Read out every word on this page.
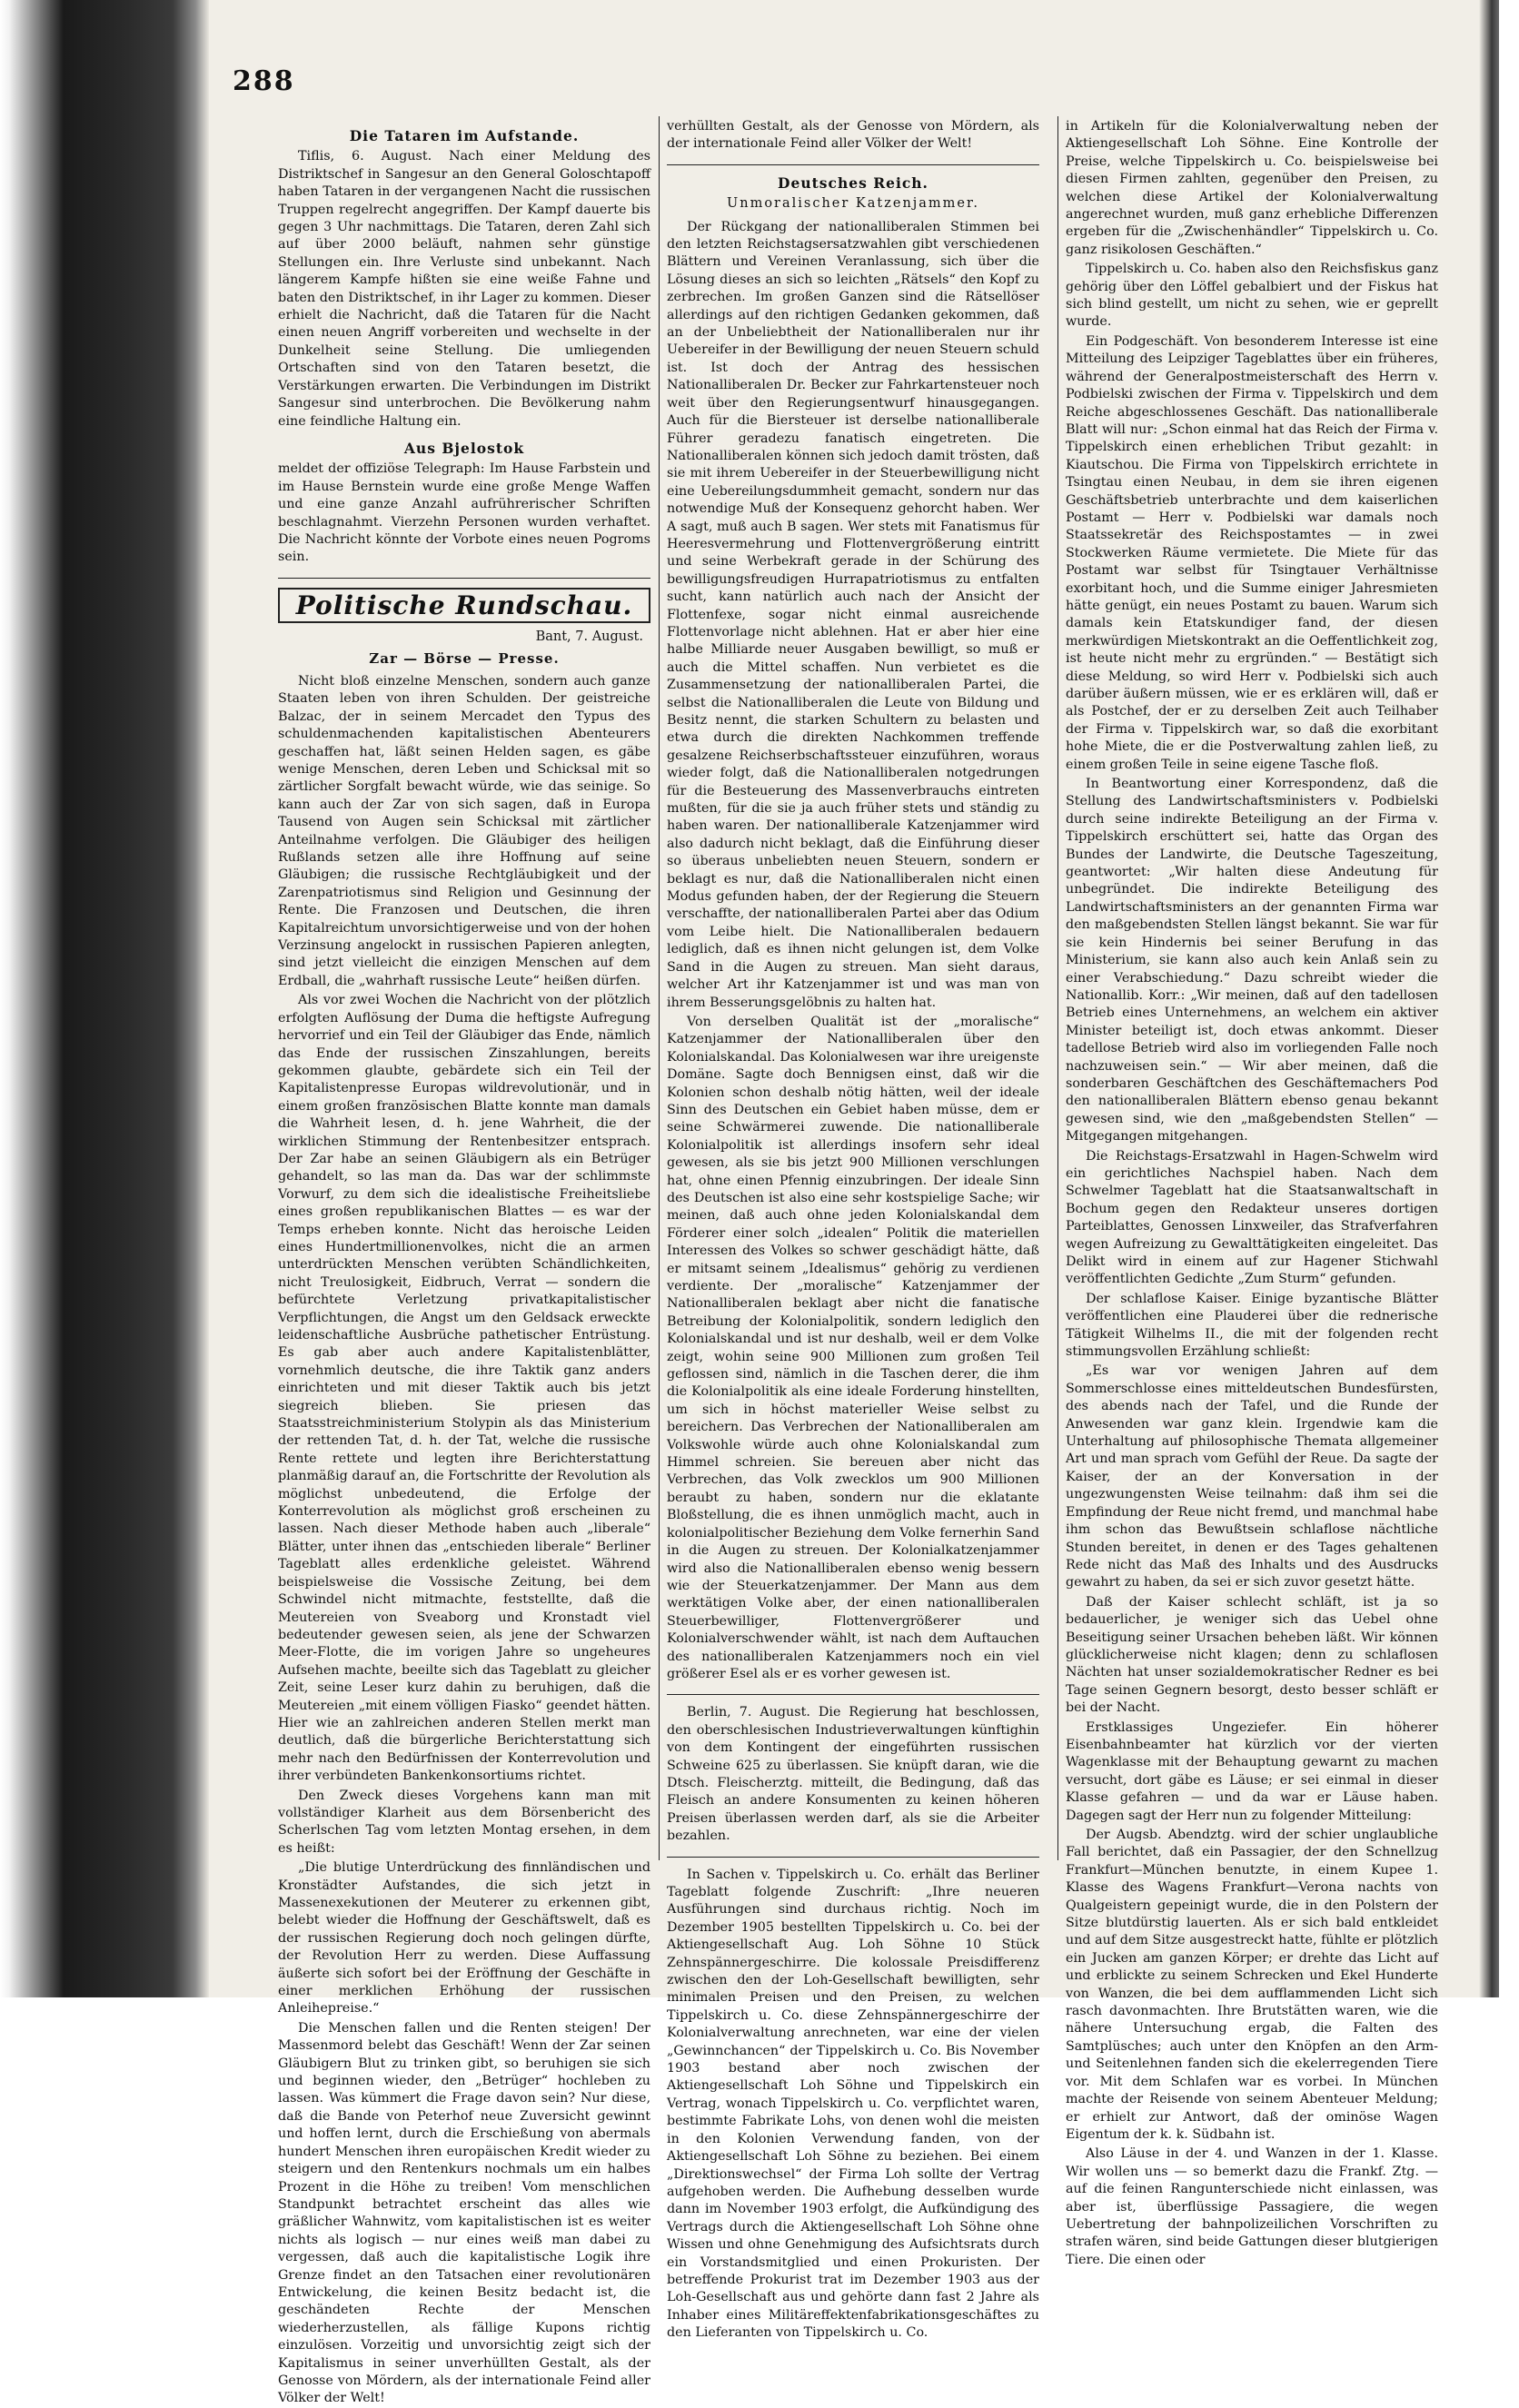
288
Die Tataren im Aufstande.

Tiflis, 6. August. Nach einer Meldung des Distriktschef in Sangesur an den General Goloschtapoff haben Tataren in der vergangenen Nacht die russischen Truppen regelrecht angegriffen. Der Kampf dauerte bis gegen 3 Uhr nachmittags. Die Tataren, deren Zahl sich auf über 2000 beläuft, nahmen sehr günstige Stellungen ein. Ihre Verluste sind unbekannt. Nach längerem Kampfe hißten sie eine weiße Fahne und baten den Distriktschef, in ihr Lager zu kommen. Dieser erhielt die Nachricht, daß die Tataren für die Nacht einen neuen Angriff vorbereiten und wechselte in der Dunkelheit seine Stellung. Die umliegenden Ortschaften sind von den Tataren besetzt, die Verstärkungen erwarten. Die Verbindungen im Distrikt Sangesur sind unterbrochen. Die Bevölkerung nahm eine feindliche Haltung ein.

Aus Bjelostok

meldet der offiziöse Telegraph: Im Hause Farbstein und im Hause Bernstein wurde eine große Menge Waffen und eine ganze Anzahl aufrührerischer Schriften beschlagnahmt. Vierzehn Personen wurden verhaftet. Die Nachricht könnte der Vorbote eines neuen Pogroms sein.

Politische Rundschau.
Bant, 7. August.
Zar — Börse — Presse.

Nicht bloß einzelne Menschen, sondern auch ganze Staaten leben von ihren Schulden. Der geistreiche Balzac, der in seinem Mercadet den Typus des schuldenmachenden kapitalistischen Abenteurers geschaffen hat, läßt seinen Helden sagen, es gäbe wenige Menschen, deren Leben und Schicksal mit so zärtlicher Sorgfalt bewacht würde, wie das seinige. So kann auch der Zar von sich sagen, daß in Europa Tausend von Augen sein Schicksal mit zärtlicher Anteilnahme verfolgen. Die Gläubiger des heiligen Rußlands setzen alle ihre Hoffnung auf seine Gläubigen; die russische Rechtgläubigkeit und der Zarenpatriotismus sind Religion und Gesinnung der Rente. Die Franzosen und Deutschen, die ihren Kapitalreichtum unvorsichtigerweise und von der hohen Verzinsung angelockt in russischen Papieren anlegten, sind jetzt vielleicht die einzigen Menschen auf dem Erdball, die „wahrhaft russische Leute“ heißen dürfen.

Als vor zwei Wochen die Nachricht von der plötzlich erfolgten Auflösung der Duma die heftigste Aufregung hervorrief und ein Teil der Gläubiger das Ende, nämlich das Ende der russischen Zinszahlungen, bereits gekommen glaubte, gebärdete sich ein Teil der Kapitalistenpresse Europas wildrevolutionär, und in einem großen französischen Blatte konnte man damals die Wahrheit lesen, d. h. jene Wahrheit, die der wirklichen Stimmung der Rentenbesitzer entsprach. Der Zar habe an seinen Gläubigern als ein Betrüger gehandelt, so las man da. Das war der schlimmste Vorwurf, zu dem sich die idealistische Freiheitsliebe eines großen republikanischen Blattes — es war der Temps erheben konnte. Nicht das heroische Leiden eines Hundertmillionenvolkes, nicht die an armen unterdrückten Menschen verübten Schändlichkeiten, nicht Treulosigkeit, Eidbruch, Verrat — sondern die befürchtete Verletzung privatkapitalistischer Verpflichtungen, die Angst um den Geldsack erweckte leidenschaftliche Ausbrüche pathetischer Entrüstung. Es gab aber auch andere Kapitalistenblätter, vornehmlich deutsche, die ihre Taktik ganz anders einrichteten und mit dieser Taktik auch bis jetzt siegreich blieben. Sie priesen das Staatsstreichministerium Stolypin als das Ministerium der rettenden Tat, d. h. der Tat, welche die russische Rente rettete und legten ihre Berichterstattung planmäßig darauf an, die Fortschritte der Revolution als möglichst unbedeutend, die Erfolge der Konterrevolution als möglichst groß erscheinen zu lassen. Nach dieser Methode haben auch „liberale“ Blätter, unter ihnen das „entschieden liberale“ Berliner Tageblatt alles erdenkliche geleistet. Während beispielsweise die Vossische Zeitung, bei dem Schwindel nicht mitmachte, feststellte, daß die Meutereien von Sveaborg und Kronstadt viel bedeutender gewesen seien, als jene der Schwarzen Meer-Flotte, die im vorigen Jahre so ungeheures Aufsehen machte, beeilte sich das Tageblatt zu gleicher Zeit, seine Leser kurz dahin zu beruhigen, daß die Meutereien „mit einem völligen Fiasko“ geendet hätten. Hier wie an zahlreichen anderen Stellen merkt man deutlich, daß die bürgerliche Berichterstattung sich mehr nach den Bedürfnissen der Konterrevolution und ihrer verbündeten Bankenkonsortiums richtet.

Den Zweck dieses Vorgehens kann man mit vollständiger Klarheit aus dem Börsenbericht des Scherlschen Tag vom letzten Montag ersehen, in dem es heißt:

„Die blutige Unterdrückung des finnländischen und Kronstädter Aufstandes, die sich jetzt in Massenexekutionen der Meuterer zu erkennen gibt, belebt wieder die Hoffnung der Geschäftswelt, daß es der russischen Regierung doch noch gelingen dürfte, der Revolution Herr zu werden. Diese Auffassung äußerte sich sofort bei der Eröffnung der Geschäfte in einer merklichen Erhöhung der russischen Anleihepreise.“

Die Menschen fallen und die Renten steigen! Der Massenmord belebt das Geschäft! Wenn der Zar seinen Gläubigern Blut zu trinken gibt, so beruhigen sie sich und beginnen wieder, den „Betrüger“ hochleben zu lassen. Was kümmert die Frage davon sein? Nur diese, daß die Bande von Peterhof neue Zuversicht gewinnt und hoffen lernt, durch die Erschießung von abermals hundert Menschen ihren europäischen Kredit wieder zu steigern und den Rentenkurs nochmals um ein halbes Prozent in die Höhe zu treiben! Vom menschlichen Standpunkt betrachtet erscheint das alles wie gräßlicher Wahnwitz, vom kapitalistischen ist es weiter nichts als logisch — nur eines weiß man dabei zu vergessen, daß auch die kapitalistische Logik ihre Grenze findet an den Tatsachen einer revolutionären Entwickelung, die keinen Besitz bedacht ist, die geschändeten Rechte der Menschen wiederherzustellen, als fällige Kupons richtig einzulösen. Vorzeitig und unvorsichtig zeigt sich der Kapitalismus in seiner unverhüllten Gestalt, als der Genosse von Mördern, als der internationale Feind aller Völker der Welt!

verhüllten Gestalt, als der Genosse von Mördern, als der internationale Feind aller Völker der Welt!

Deutsches Reich.
Unmoralischer Katzenjammer.

Der Rückgang der nationalliberalen Stimmen bei den letzten Reichstagsersatzwahlen gibt verschiedenen Blättern und Vereinen Veranlassung, sich über die Lösung dieses an sich so leichten „Rätsels“ den Kopf zu zerbrechen. Im großen Ganzen sind die Rätsellöser allerdings auf den richtigen Gedanken gekommen, daß an der Unbeliebtheit der Nationalliberalen nur ihr Uebereifer in der Bewilligung der neuen Steuern schuld ist. Ist doch der Antrag des hessischen Nationalliberalen Dr. Becker zur Fahrkartensteuer noch weit über den Regierungsentwurf hinausgegangen. Auch für die Biersteuer ist derselbe nationalliberale Führer geradezu fanatisch eingetreten. Die Nationalliberalen können sich jedoch damit trösten, daß sie mit ihrem Uebereifer in der Steuerbewilligung nicht eine Uebereilungsdummheit gemacht, sondern nur das notwendige Muß der Konsequenz gehorcht haben. Wer A sagt, muß auch B sagen. Wer stets mit Fanatismus für Heeresvermehrung und Flottenvergrößerung eintritt und seine Werbekraft gerade in der Schürung des bewilligungsfreudigen Hurrapatriotismus zu entfalten sucht, kann natürlich auch nach der Ansicht der Flottenfexe, sogar nicht einmal ausreichende Flottenvorlage nicht ablehnen. Hat er aber hier eine halbe Milliarde neuer Ausgaben bewilligt, so muß er auch die Mittel schaffen. Nun verbietet es die Zusammensetzung der nationalliberalen Partei, die selbst die Nationalliberalen die Leute von Bildung und Besitz nennt, die starken Schultern zu belasten und etwa durch die direkten Nachkommen treffende gesalzene Reichserbschaftssteuer einzuführen, woraus wieder folgt, daß die Nationalliberalen notgedrungen für die Besteuerung des Massenverbrauchs eintreten mußten, für die sie ja auch früher stets und ständig zu haben waren. Der nationalliberale Katzenjammer wird also dadurch nicht beklagt, daß die Einführung dieser so überaus unbeliebten neuen Steuern, sondern er beklagt es nur, daß die Nationalliberalen nicht einen Modus gefunden haben, der der Regierung die Steuern verschaffte, der nationalliberalen Partei aber das Odium vom Leibe hielt. Die Nationalliberalen bedauern lediglich, daß es ihnen nicht gelungen ist, dem Volke Sand in die Augen zu streuen. Man sieht daraus, welcher Art ihr Katzenjammer ist und was man von ihrem Besserungsgelöbnis zu halten hat.

Von derselben Qualität ist der „moralische“ Katzenjammer der Nationalliberalen über den Kolonialskandal. Das Kolonialwesen war ihre ureigenste Domäne. Sagte doch Bennigsen einst, daß wir die Kolonien schon deshalb nötig hätten, weil der ideale Sinn des Deutschen ein Gebiet haben müsse, dem er seine Schwärmerei zuwende. Die nationalliberale Kolonialpolitik ist allerdings insofern sehr ideal gewesen, als sie bis jetzt 900 Millionen verschlungen hat, ohne einen Pfennig einzubringen. Der ideale Sinn des Deutschen ist also eine sehr kostspielige Sache; wir meinen, daß auch ohne jeden Kolonialskandal dem Förderer einer solch „idealen“ Politik die materiellen Interessen des Volkes so schwer geschädigt hätte, daß er mitsamt seinem „Idealismus“ gehörig zu verdienen verdiente. Der „moralische“ Katzenjammer der Nationalliberalen beklagt aber nicht die fanatische Betreibung der Kolonialpolitik, sondern lediglich den Kolonialskandal und ist nur deshalb, weil er dem Volke zeigt, wohin seine 900 Millionen zum großen Teil geflossen sind, nämlich in die Taschen derer, die ihm die Kolonialpolitik als eine ideale Forderung hinstellten, um sich in höchst materieller Weise selbst zu bereichern. Das Verbrechen der Nationalliberalen am Volkswohle würde auch ohne Kolonialskandal zum Himmel schreien. Sie bereuen aber nicht das Verbrechen, das Volk zwecklos um 900 Millionen beraubt zu haben, sondern nur die eklatante Bloßstellung, die es ihnen unmöglich macht, auch in kolonialpolitischer Beziehung dem Volke fernerhin Sand in die Augen zu streuen. Der Kolonialkatzenjammer wird also die Nationalliberalen ebenso wenig bessern wie der Steuerkatzenjammer. Der Mann aus dem werktätigen Volke aber, der einen nationalliberalen Steuerbewilliger, Flottenvergrößerer und Kolonialverschwender wählt, ist nach dem Auftauchen des nationalliberalen Katzenjammers noch ein viel größerer Esel als er es vorher gewesen ist.

Berlin, 7. August. Die Regierung hat beschlossen, den oberschlesischen Industrieverwaltungen künftighin von dem Kontingent der eingeführten russischen Schweine 625 zu überlassen. Sie knüpft daran, wie die Dtsch. Fleischerztg. mitteilt, die Bedingung, daß das Fleisch an andere Konsumenten zu keinen höheren Preisen überlassen werden darf, als sie die Arbeiter bezahlen.

In Sachen v. Tippelskirch u. Co. erhält das Berliner Tageblatt folgende Zuschrift: „Ihre neueren Ausführungen sind durchaus richtig. Noch im Dezember 1905 bestellten Tippelskirch u. Co. bei der Aktiengesellschaft Aug. Loh Söhne 10 Stück Zehnspännergeschirre. Die kolossale Preisdifferenz zwischen den der Loh-Gesellschaft bewilligten, sehr minimalen Preisen und den Preisen, zu welchen Tippelskirch u. Co. diese Zehnspännergeschirre der Kolonialverwaltung anrechneten, war eine der vielen „Gewinnchancen“ der Tippelskirch u. Co. Bis November 1903 bestand aber noch zwischen der Aktiengesellschaft Loh Söhne und Tippelskirch ein Vertrag, wonach Tippelskirch u. Co. verpflichtet waren, bestimmte Fabrikate Lohs, von denen wohl die meisten in den Kolonien Verwendung fanden, von der Aktiengesellschaft Loh Söhne zu beziehen. Bei einem „Direktionswechsel“ der Firma Loh sollte der Vertrag aufgehoben werden. Die Aufhebung desselben wurde dann im November 1903 erfolgt, die Aufkündigung des Vertrags durch die Aktiengesellschaft Loh Söhne ohne Wissen und ohne Genehmigung des Aufsichtsrats durch ein Vorstandsmitglied und einen Prokuristen. Der betreffende Prokurist trat im Dezember 1903 aus der Loh-Gesellschaft aus und gehörte dann fast 2 Jahre als Inhaber eines Militäreffektenfabrikationsgeschäftes zu den Lieferanten von Tippelskirch u. Co.

in Artikeln für die Kolonialverwaltung neben der Aktiengesellschaft Loh Söhne. Eine Kontrolle der Preise, welche Tippelskirch u. Co. beispielsweise bei diesen Firmen zahlten, gegenüber den Preisen, zu welchen diese Artikel der Kolonialverwaltung angerechnet wurden, muß ganz erhebliche Differenzen ergeben für die „Zwischenhändler“ Tippelskirch u. Co. ganz risikolosen Geschäften.“

Tippelskirch u. Co. haben also den Reichsfiskus ganz gehörig über den Löffel gebalbiert und der Fiskus hat sich blind gestellt, um nicht zu sehen, wie er geprellt wurde.

Ein Podgeschäft. Von besonderem Interesse ist eine Mitteilung des Leipziger Tageblattes über ein früheres, während der Generalpostmeisterschaft des Herrn v. Podbielski zwischen der Firma v. Tippelskirch und dem Reiche abgeschlossenes Geschäft. Das nationalliberale Blatt will nur: „Schon einmal hat das Reich der Firma v. Tippelskirch einen erheblichen Tribut gezahlt: in Kiautschou. Die Firma von Tippelskirch errichtete in Tsingtau einen Neubau, in dem sie ihren eigenen Geschäftsbetrieb unterbrachte und dem kaiserlichen Postamt — Herr v. Podbielski war damals noch Staatssekretär des Reichspostamtes — in zwei Stockwerken Räume vermietete. Die Miete für das Postamt war selbst für Tsingtauer Verhältnisse exorbitant hoch, und die Summe einiger Jahresmieten hätte genügt, ein neues Postamt zu bauen. Warum sich damals kein Etatskundiger fand, der diesen merkwürdigen Mietskontrakt an die Oeffentlichkeit zog, ist heute nicht mehr zu ergründen.“ — Bestätigt sich diese Meldung, so wird Herr v. Podbielski sich auch darüber äußern müssen, wie er es erklären will, daß er als Postchef, der er zu derselben Zeit auch Teilhaber der Firma v. Tippelskirch war, so daß die exorbitant hohe Miete, die er die Postverwaltung zahlen ließ, zu einem großen Teile in seine eigene Tasche floß.

In Beantwortung einer Korrespondenz, daß die Stellung des Landwirtschaftsministers v. Podbielski durch seine indirekte Beteiligung an der Firma v. Tippelskirch erschüttert sei, hatte das Organ des Bundes der Landwirte, die Deutsche Tageszeitung, geantwortet: „Wir halten diese Andeutung für unbegründet. Die indirekte Beteiligung des Landwirtschaftsministers an der genannten Firma war den maßgebendsten Stellen längst bekannt. Sie war für sie kein Hindernis bei seiner Berufung in das Ministerium, sie kann also auch kein Anlaß sein zu einer Verabschiedung.“ Dazu schreibt wieder die Nationallib. Korr.: „Wir meinen, daß auf den tadellosen Betrieb eines Unternehmens, an welchem ein aktiver Minister beteiligt ist, doch etwas ankommt. Dieser tadellose Betrieb wird also im vorliegenden Falle noch nachzuweisen sein.“ — Wir aber meinen, daß die sonderbaren Geschäftchen des Geschäftemachers Pod den nationalliberalen Blättern ebenso genau bekannt gewesen sind, wie den „maßgebendsten Stellen“ — Mitgegangen mitgehangen.

Die Reichstags-Ersatzwahl in Hagen-Schwelm wird ein gerichtliches Nachspiel haben. Nach dem Schwelmer Tageblatt hat die Staatsanwaltschaft in Bochum gegen den Redakteur unseres dortigen Parteiblattes, Genossen Linxweiler, das Strafverfahren wegen Aufreizung zu Gewalttätigkeiten eingeleitet. Das Delikt wird in einem auf zur Hagener Stichwahl veröffentlichten Gedichte „Zum Sturm“ gefunden.

Der schlaflose Kaiser. Einige byzantische Blätter veröffentlichen eine Plauderei über die rednerische Tätigkeit Wilhelms II., die mit der folgenden recht stimmungsvollen Erzählung schließt:

„Es war vor wenigen Jahren auf dem Sommerschlosse eines mitteldeutschen Bundesfürsten, des abends nach der Tafel, und die Runde der Anwesenden war ganz klein. Irgendwie kam die Unterhaltung auf philosophische Themata allgemeiner Art und man sprach vom Gefühl der Reue. Da sagte der Kaiser, der an der Konversation in der ungezwungensten Weise teilnahm: daß ihm sei die Empfindung der Reue nicht fremd, und manchmal habe ihm schon das Bewußtsein schlaflose nächtliche Stunden bereitet, in denen er des Tages gehaltenen Rede nicht das Maß des Inhalts und des Ausdrucks gewahrt zu haben, da sei er sich zuvor gesetzt hätte.

Daß der Kaiser schlecht schläft, ist ja so bedauerlicher, je weniger sich das Uebel ohne Beseitigung seiner Ursachen beheben läßt. Wir können glücklicherweise nicht klagen; denn zu schlaflosen Nächten hat unser sozialdemokratischer Redner es bei Tage seinen Gegnern besorgt, desto besser schläft er bei der Nacht.

Erstklassiges Ungeziefer. Ein höherer Eisenbahnbeamter hat kürzlich vor der vierten Wagenklasse mit der Behauptung gewarnt zu machen versucht, dort gäbe es Läuse; er sei einmal in dieser Klasse gefahren — und da war er Läuse haben. Dagegen sagt der Herr nun zu folgender Mitteilung:

Der Augsb. Abendztg. wird der schier unglaubliche Fall berichtet, daß ein Passagier, der den Schnellzug Frankfurt—München benutzte, in einem Kupee 1. Klasse des Wagens Frankfurt—Verona nachts von Qualgeistern gepeinigt wurde, die in den Polstern der Sitze blutdürstig lauerten. Als er sich bald entkleidet und auf dem Sitze ausgestreckt hatte, fühlte er plötzlich ein Jucken am ganzen Körper; er drehte das Licht auf und erblickte zu seinem Schrecken und Ekel Hunderte von Wanzen, die bei dem aufflammenden Licht sich rasch davonmachten. Ihre Brutstätten waren, wie die nähere Untersuchung ergab, die Falten des Samtplüsches; auch unter den Knöpfen an den Arm- und Seitenlehnen fanden sich die ekelerregenden Tiere vor. Mit dem Schlafen war es vorbei. In München machte der Reisende von seinem Abenteuer Meldung; er erhielt zur Antwort, daß der ominöse Wagen Eigentum der k. k. Südbahn ist.

Also Läuse in der 4. und Wanzen in der 1. Klasse. Wir wollen uns — so bemerkt dazu die Frankf. Ztg. — auf die feinen Rangunterschiede nicht einlassen, was aber ist, überflüssige Passagiere, die wegen Uebertretung der bahnpolizeilichen Vorschriften zu strafen wären, sind beide Gattungen dieser blutgierigen Tiere. Die einen oder
